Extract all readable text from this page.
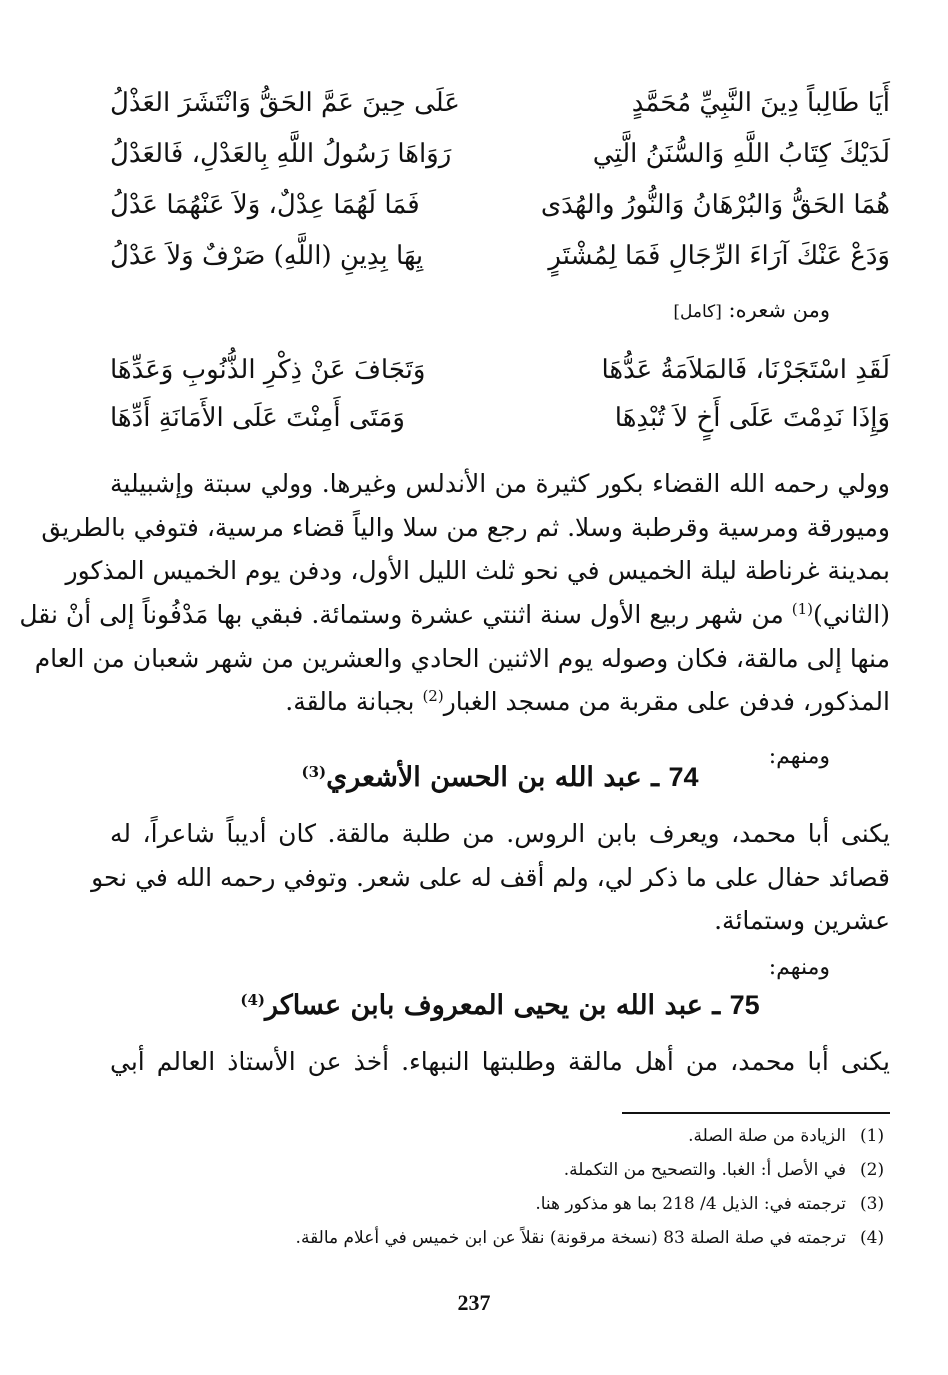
أَيَا طَالِباً دِينَ النَّبِيِّ مُحَمَّدٍ
عَلَى حِينَ عَمَّ الحَقُّ وَانْتَشَرَ العَذْلُ
لَدَيْكَ كِتَابُ اللَّهِ وَالسُّنَنُ الَّتِي
رَوَاهَا رَسُولُ اللَّهِ بِالعَدْلِ، فَالعَدْلُ
هُمَا الحَقُّ وَالبُرْهَانُ وَالنُّورُ والهُدَى
فَمَا لَهُمَا عِدْلٌ، وَلاَ عَنْهُمَا عَدْلُ
وَدَعْ عَنْكَ آرَاءَ الرِّجَالِ فَمَا لِمُشْتَرٍ
يِهَا بِدِينِ (اللَّهِ) صَرْفٌ وَلاَ عَدْلُ
ومن شعره: [كامل]
لَقَدِ اسْتَجَرْنَا، فَالمَلاَمَةُ عَدُّهَا
وَتَجَافَ عَنْ ذِكْرِ الذُّنُوبِ وَعَدِّهَا
وَإِذَا نَدِمْتَ عَلَى أَخٍ لاَ تُبْدِهَا
وَمَتَى أَمِنْتَ عَلَى الأَمَانَةِ أَدِّهَا
وولي رحمه الله القضاء بكور كثيرة من الأندلس وغيرها. وولي سبتة وإشبيلية
وميورقة ومرسية وقرطبة وسلا. ثم رجع من سلا والياً قضاء مرسية، فتوفي بالطريق
بمدينة غرناطة ليلة الخميس في نحو ثلث الليل الأول، ودفن يوم الخميس المذكور
(الثاني)$^{(1)}$ من شهر ربيع الأول سنة اثنتي عشرة وستمائة. فبقي بها مَدْفُوناً إلى أنْ نقل
منها إلى مالقة، فكان وصوله يوم الاثنين الحادي والعشرين من شهر شعبان من العام
المذكور، فدفن على مقربة من مسجد الغبار$^{(2)}$ بجبانة مالقة.
ومنهم:
74 ـ عبد الله بن الحسن الأشعري$^{(3)}$
يكنى أبا محمد، ويعرف بابن الروس. من طلبة مالقة. كان أديباً شاعراً، له
قصائد حفال على ما ذكر لي، ولم أقف له على شعر. وتوفي رحمه الله في نحو
عشرين وستمائة.
ومنهم:
75 ـ عبد الله بن يحيى المعروف بابن عساكر$^{(4)}$
يكنى أبا محمد، من أهل مالقة وطلبتها النبهاء. أخذ عن الأستاذ العالم أبي
(1)
الزيادة من صلة الصلة.
(2)
في الأصل أ: الغبا. والتصحيح من التكملة.
(3)
ترجمته في: الذيل 4/ 218 بما هو مذكور هنا.
(4)
ترجمته في صلة الصلة 83 (نسخة مرقونة) نقلاً عن ابن خميس في أعلام مالقة.
237
